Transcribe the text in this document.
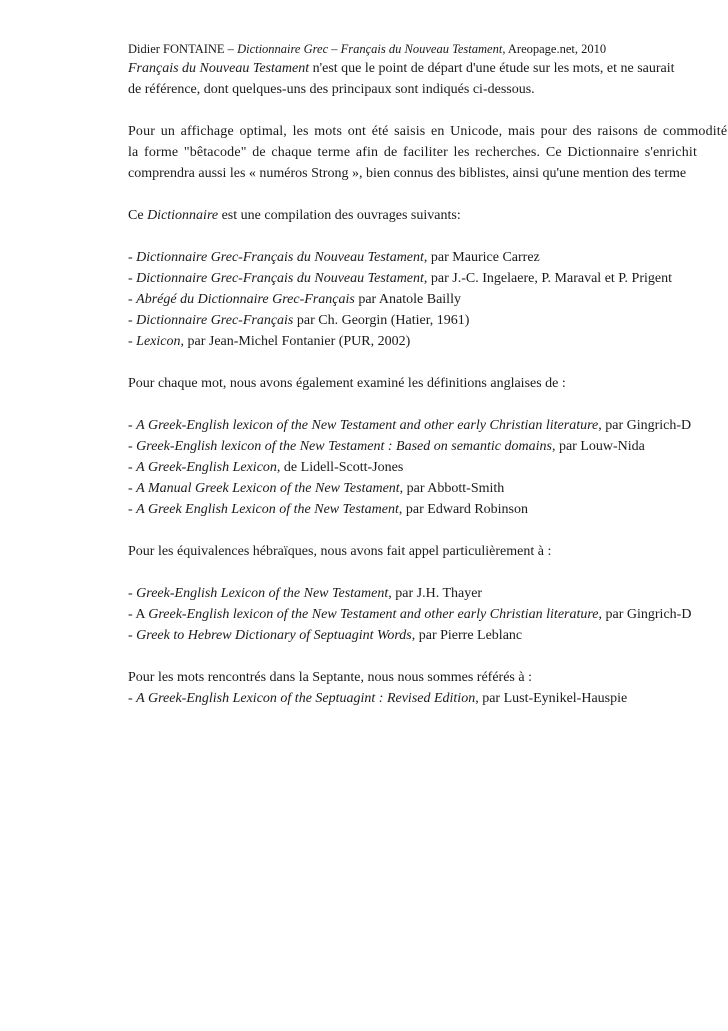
Didier FONTAINE – Dictionnaire Grec – Français du Nouveau Testament, Areopage.net, 2010

Français du Nouveau Testament n'est que le point de départ d'une étude sur les mots, et ne saurait

de référence, dont quelques-uns des principaux sont indiqués ci-dessous.

Pour un affichage optimal, les mots ont été saisis en Unicode, mais pour des raisons de commodité

la forme "bêtacode" de chaque terme afin de faciliter les recherches. Ce Dictionnaire s'enrichit

comprendra aussi les « numéros Strong », bien connus des biblistes, ainsi qu'une mention des terme

Ce Dictionnaire est une compilation des ouvrages suivants:

- Dictionnaire Grec-Français du Nouveau Testament, par Maurice Carrez

- Dictionnaire Grec-Français du Nouveau Testament, par J.-C. Ingelaere, P. Maraval et P. Prigent

- Abrégé du Dictionnaire Grec-Français par Anatole Bailly

- Dictionnaire Grec-Français par Ch. Georgin (Hatier, 1961)

- Lexicon, par Jean-Michel Fontanier (PUR, 2002)

Pour chaque mot, nous avons également examiné les définitions anglaises de :

- A Greek-English lexicon of the New Testament and other early Christian literature, par Gingrich-D

- Greek-English lexicon of the New Testament : Based on semantic domains, par Louw-Nida

- A Greek-English Lexicon, de Lidell-Scott-Jones

- A Manual Greek Lexicon of the New Testament, par Abbott-Smith

- A Greek English Lexicon of the New Testament, par Edward Robinson

Pour les équivalences hébraïques, nous avons fait appel particulièrement à :

- Greek-English Lexicon of the New Testament, par J.H. Thayer

- A Greek-English lexicon of the New Testament and other early Christian literature, par Gingrich-D

- Greek to Hebrew Dictionary of Septuagint Words, par Pierre Leblanc

Pour les mots rencontrés dans la Septante, nous nous sommes référés à :

- A Greek-English Lexicon of the Septuagint : Revised Edition, par Lust-Eynikel-Hauspie
